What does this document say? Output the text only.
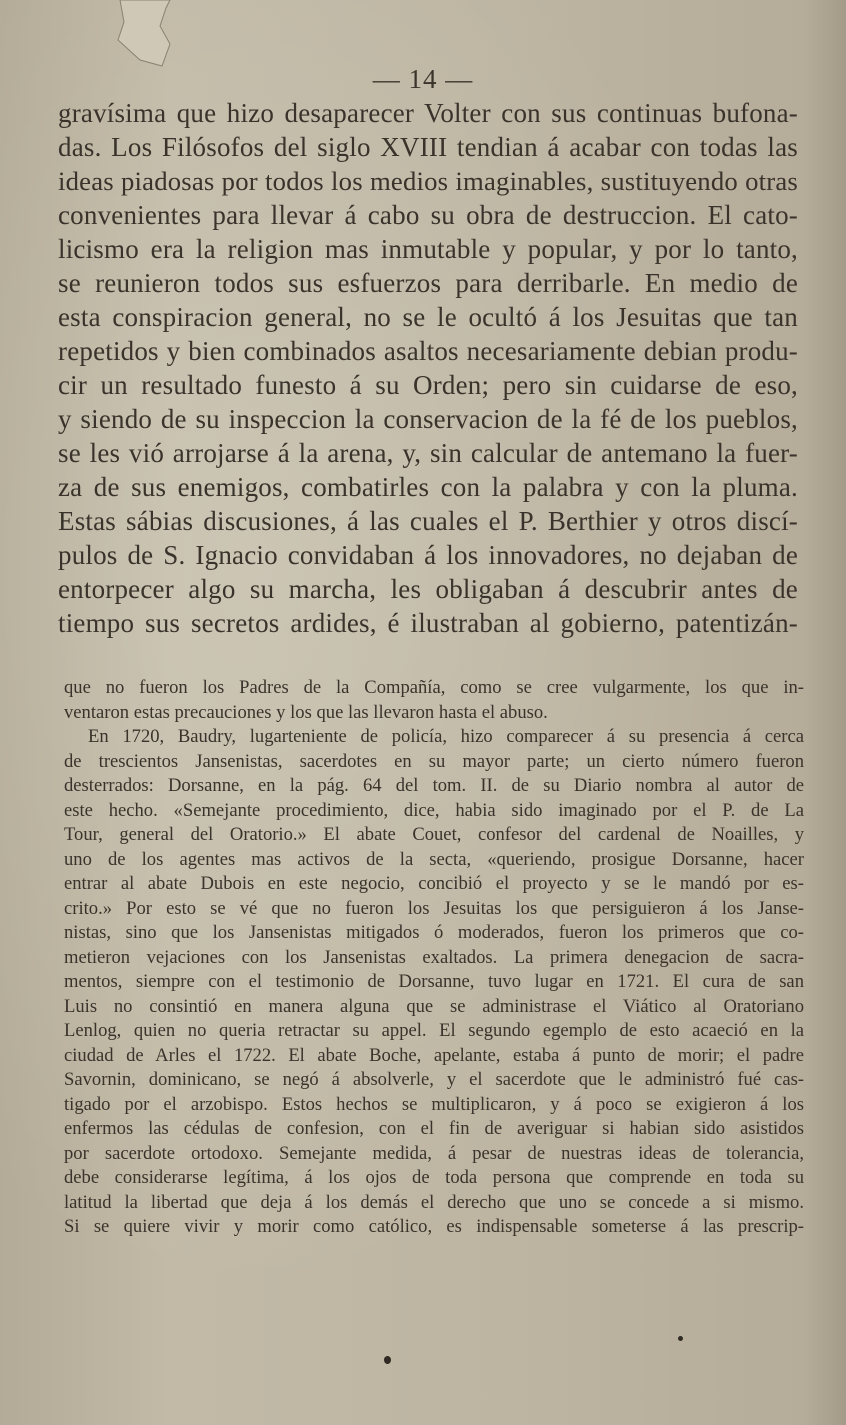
— 14 —
gravísima que hizo desaparecer Volter con sus continuas bufona-
das. Los Filósofos del siglo XVIII tendian á acabar con todas las
ideas piadosas por todos los medios imaginables, sustituyendo otras
convenientes para llevar á cabo su obra de destruccion. El cato-
licismo era la religion mas inmutable y popular, y por lo tanto,
se reunieron todos sus esfuerzos para derribarle. En medio de
esta conspiracion general, no se le ocultó á los Jesuitas que tan
repetidos y bien combinados asaltos necesariamente debian produ-
cir un resultado funesto á su Orden; pero sin cuidarse de eso,
y siendo de su inspeccion la conservacion de la fé de los pueblos,
se les vió arrojarse á la arena, y, sin calcular de antemano la fuer-
za de sus enemigos, combatirles con la palabra y con la pluma.
Estas sábias discusiones, á las cuales el P. Berthier y otros discí-
pulos de S. Ignacio convidaban á los innovadores, no dejaban de
entorpecer algo su marcha, les obligaban á descubrir antes de
tiempo sus secretos ardides, é ilustraban al gobierno, patentizán-
que no fueron los Padres de la Compañía, como se cree vulgarmente, los que in-
ventaron estas precauciones y los que las llevaron hasta el abuso.
En 1720, Baudry, lugarteniente de policía, hizo comparecer á su presencia á cerca
de trescientos Jansenistas, sacerdotes en su mayor parte; un cierto número fueron
desterrados: Dorsanne, en la pág. 64 del tom. II. de su Diario nombra al autor de
este hecho. «Semejante procedimiento, dice, habia sido imaginado por el P. de La
Tour, general del Oratorio.» El abate Couet, confesor del cardenal de Noailles, y
uno de los agentes mas activos de la secta, «queriendo, prosigue Dorsanne, hacer
entrar al abate Dubois en este negocio, concibió el proyecto y se le mandó por es-
crito.» Por esto se vé que no fueron los Jesuitas los que persiguieron á los Janse-
nistas, sino que los Jansenistas mitigados ó moderados, fueron los primeros que co-
metieron vejaciones con los Jansenistas exaltados. La primera denegacion de sacra-
mentos, siempre con el testimonio de Dorsanne, tuvo lugar en 1721. El cura de san
Luis no consintió en manera alguna que se administrase el Viático al Oratoriano
Lenlog, quien no queria retractar su appel. El segundo egemplo de esto acaeció en la
ciudad de Arles el 1722. El abate Boche, apelante, estaba á punto de morir; el padre
Savornin, dominicano, se negó á absolverle, y el sacerdote que le administró fué cas-
tigado por el arzobispo. Estos hechos se multiplicaron, y á poco se exigieron á los
enfermos las cédulas de confesion, con el fin de averiguar si habian sido asistidos
por sacerdote ortodoxo. Semejante medida, á pesar de nuestras ideas de tolerancia,
debe considerarse legítima, á los ojos de toda persona que comprende en toda su
latitud la libertad que deja á los demás el derecho que uno se concede a si mismo.
Si se quiere vivir y morir como católico, es indispensable someterse á las prescrip-
